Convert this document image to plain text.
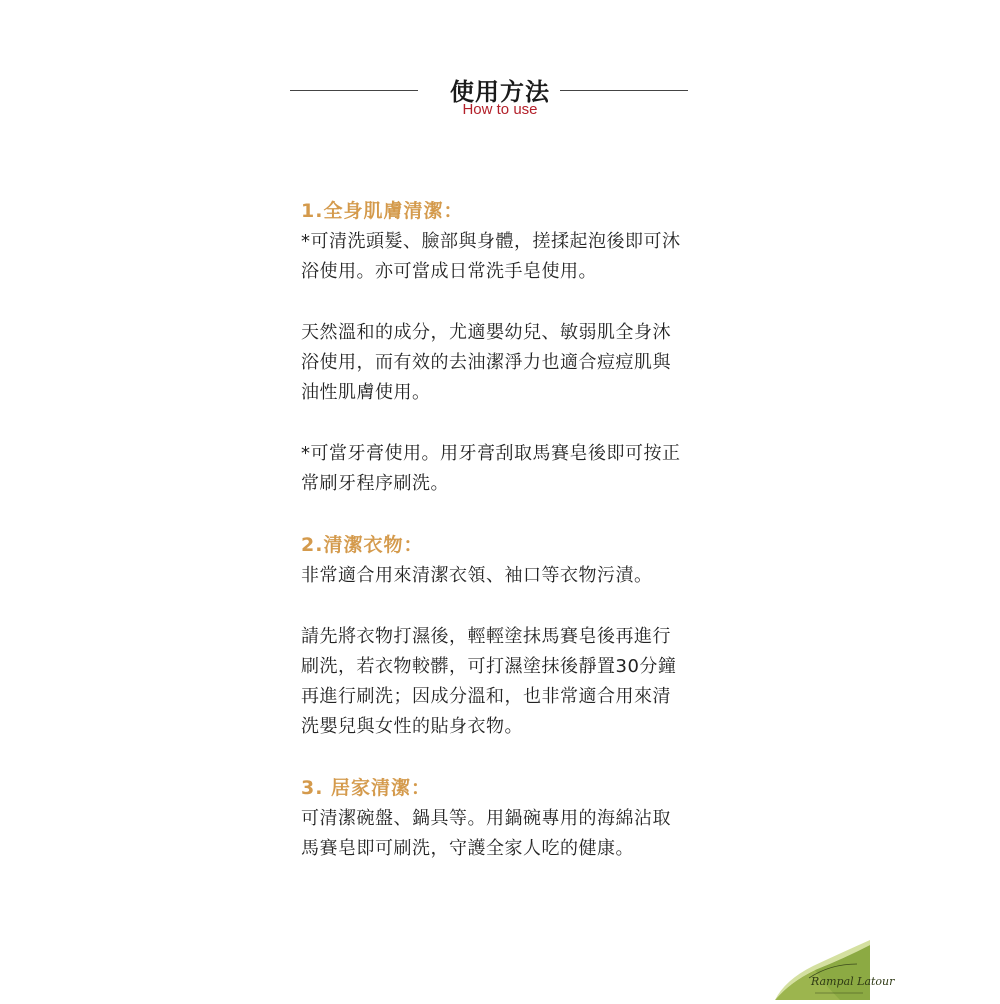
使用方法
How to use

1.全身肌膚清潔：

*可清洗頭髮、臉部與身體，搓揉起泡後即可沐
浴使用。亦可當成日常洗手皂使用。

天然溫和的成分，尤適嬰幼兒、敏弱肌全身沐
浴使用，而有效的去油潔淨力也適合痘痘肌與
油性肌膚使用。

*可當牙膏使用。用牙膏刮取馬賽皂後即可按正
常刷牙程序刷洗。

2.清潔衣物：

非常適合用來清潔衣領、袖口等衣物污漬。

請先將衣物打濕後，輕輕塗抹馬賽皂後再進行
刷洗，若衣物較髒，可打濕塗抹後靜置30分鐘
再進行刷洗；因成分溫和，也非常適合用來清
洗嬰兒與女性的貼身衣物。

3. 居家清潔：

可清潔碗盤、鍋具等。用鍋碗專用的海綿沾取
馬賽皂即可刷洗，守護全家人吃的健康。

Rampal Latour
